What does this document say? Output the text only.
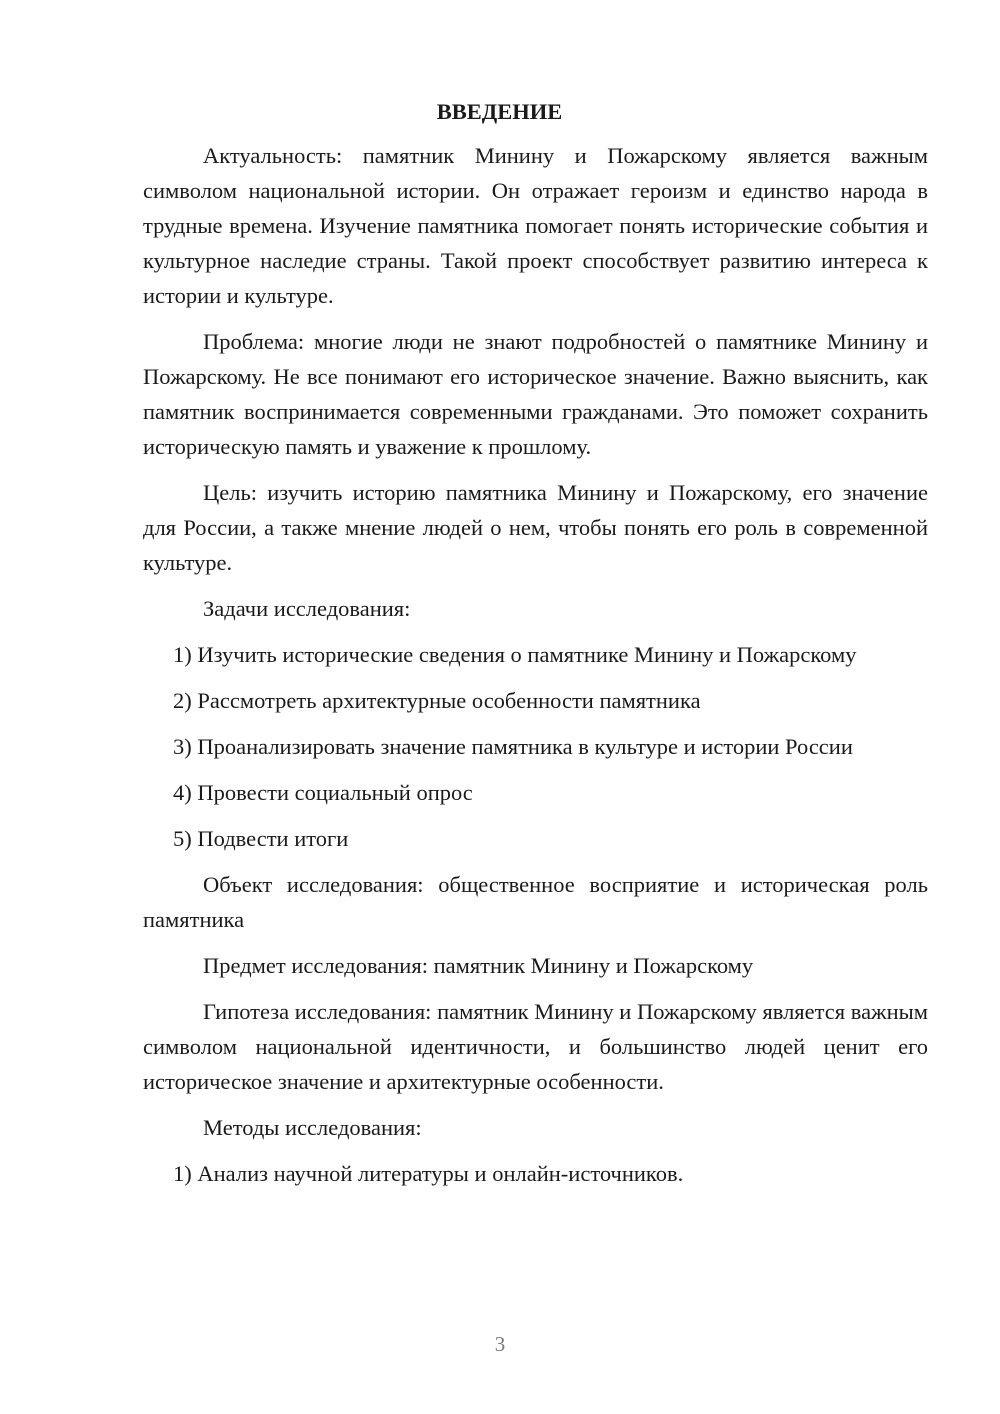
ВВЕДЕНИЕ

Актуальность: памятник Минину и Пожарскому является важным символом национальной истории. Он отражает героизм и единство народа в трудные времена. Изучение памятника помогает понять исторические события и культурное наследие страны. Такой проект способствует развитию интереса к истории и культуре.

Проблема: многие люди не знают подробностей о памятнике Минину и Пожарскому. Не все понимают его историческое значение. Важно выяснить, как памятник воспринимается современными гражданами. Это поможет сохранить историческую память и уважение к прошлому.

Цель: изучить историю памятника Минину и Пожарскому, его значение для России, а также мнение людей о нем, чтобы понять его роль в современной культуре.

Задачи исследования:

1) Изучить исторические сведения о памятнике Минину и Пожарскому

2) Рассмотреть архитектурные особенности памятника

3) Проанализировать значение памятника в культуре и истории России

4) Провести социальный опрос

5) Подвести итоги

Объект исследования: общественное восприятие и историческая роль памятника

Предмет исследования: памятник Минину и Пожарскому

Гипотеза исследования: памятник Минину и Пожарскому является важным символом национальной идентичности, и большинство людей ценит его историческое значение и архитектурные особенности.

Методы исследования:

1) Анализ научной литературы и онлайн-источников.

3
